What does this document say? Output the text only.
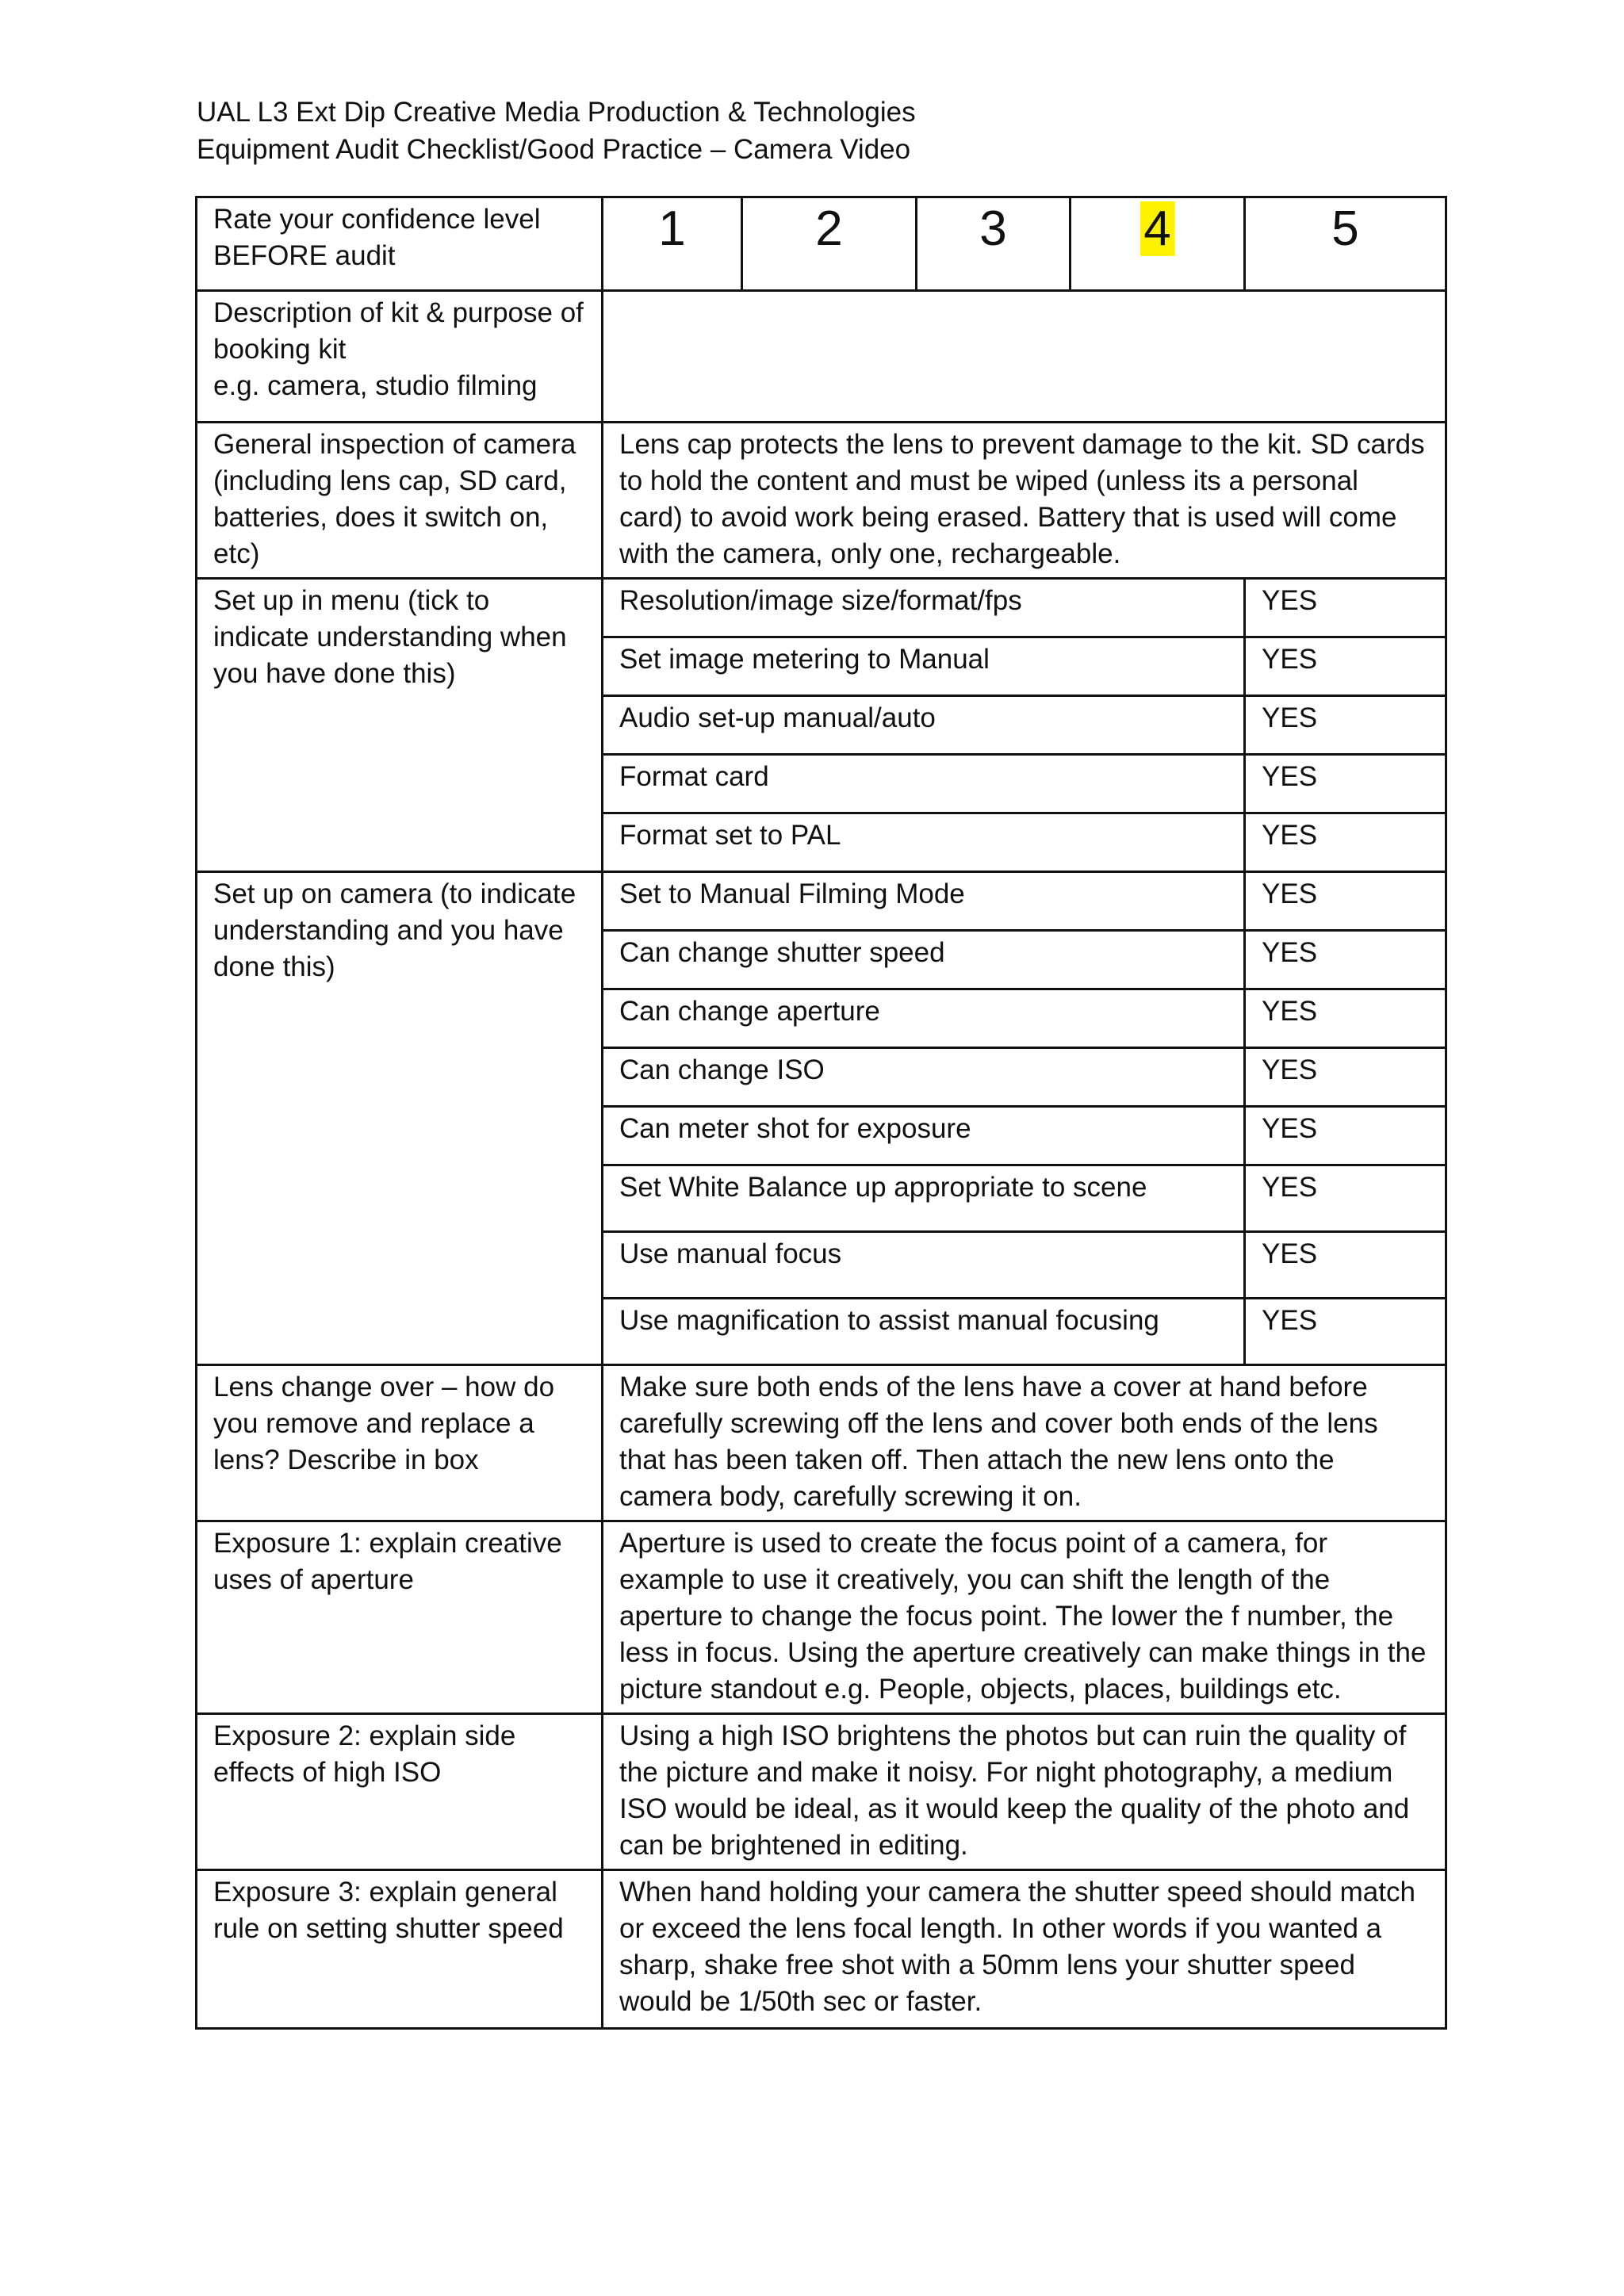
UAL L3 Ext Dip Creative Media Production & Technologies
Equipment Audit Checklist/Good Practice – Camera Video
Rate your confidence level BEFORE audit	1	2	3	4	5

Description of kit & purpose of booking kit
e.g. camera, studio filming					

General inspection of camera (including lens cap, SD card, batteries, does it switch on, etc)	Lens cap protects the lens to prevent damage to the kit. SD cards to hold the content and must be wiped (unless its a personal card) to avoid work being erased. Battery that is used will come with the camera, only one, rechargeable.				
Set up in menu (tick to indicate understanding when you have done this)	Resolution/image size/format/fps				YES
	Set image metering to Manual				YES
	Audio set-up manual/auto				YES
	Format card				YES
	Format set to PAL				YES
Set up on camera (to indicate understanding and you have done this)	Set to Manual Filming Mode				YES
	Can change shutter speed				YES
	Can change aperture				YES
	Can change ISO				YES
	Can meter shot for exposure				YES
	Set White Balance up appropriate to scene				YES
	Use manual focus				YES
	Use magnification to assist manual focusing				YES
Lens change over – how do you remove and replace a lens? Describe in box	Make sure both ends of the lens have a cover at hand before carefully screwing off the lens and cover both ends of the lens that has been taken off. Then attach the new lens onto the camera body, carefully screwing it on.				
Exposure 1: explain creative uses of aperture	Aperture is used to create the focus point of a camera, for example to use it creatively, you can shift the length of the aperture to change the focus point. The lower the f number, the less in focus. Using the aperture creatively can make things in the picture standout e.g. People, objects, places, buildings etc.				
Exposure 2: explain side effects of high ISO	Using a high ISO brightens the photos but can ruin the quality of the picture and make it noisy. For night photography, a medium ISO would be ideal, as it would keep the quality of the photo and can be brightened in editing.				
Exposure 3: explain general rule on setting shutter speed	When hand holding your camera the shutter speed should match or exceed the lens focal length. In other words if you wanted a sharp, shake free shot with a 50mm lens your shutter speed would be 1/50th sec or faster.				
